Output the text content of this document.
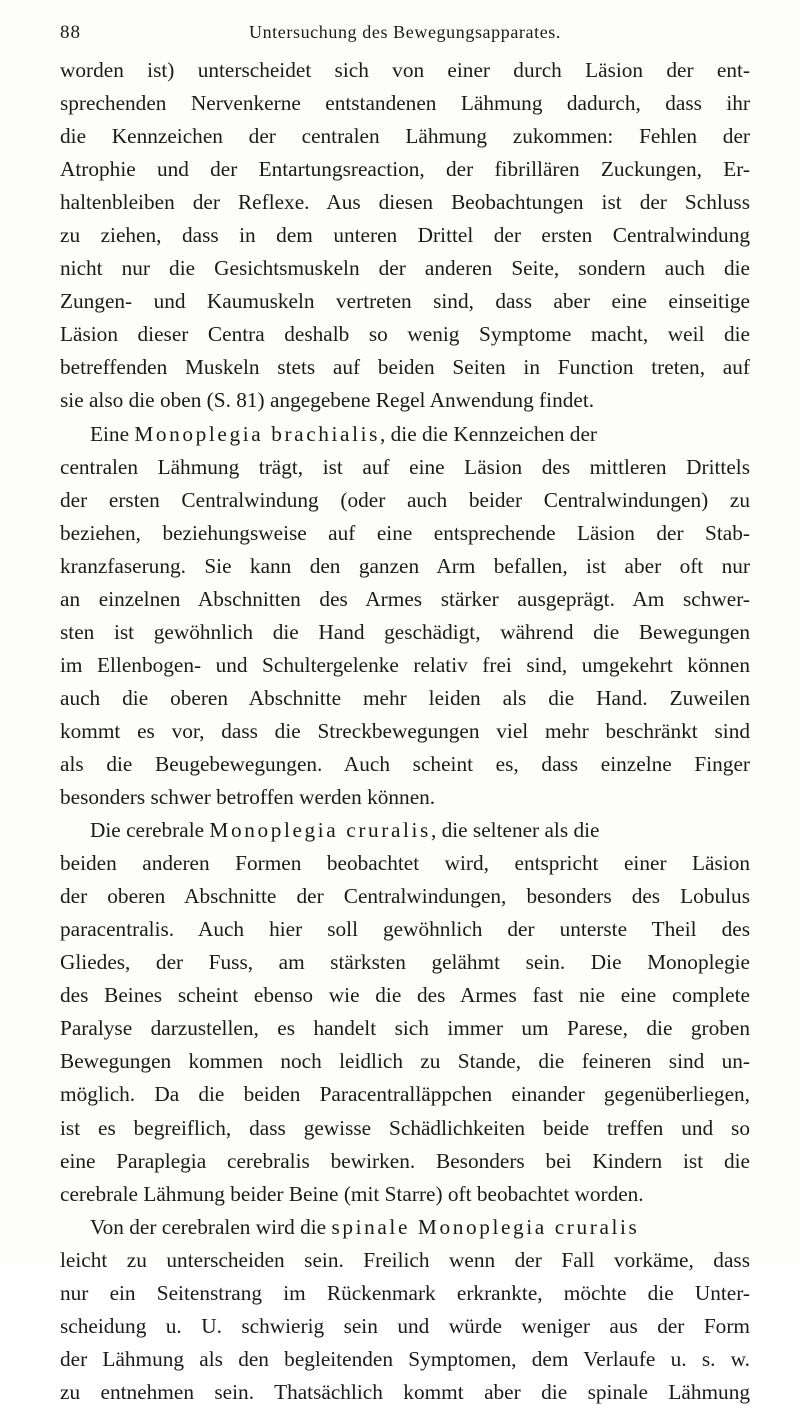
88	Untersuchung des Bewegungsapparates.
worden ist) unterscheidet sich von einer durch Läsion der ent-
sprechenden Nervenkerne entstandenen Lähmung dadurch, dass ihr
die Kennzeichen der centralen Lähmung zukommen: Fehlen der
Atrophie und der Entartungsreaction, der fibrillären Zuckungen, Er-
haltenbleiben der Reflexe. Aus diesen Beobachtungen ist der Schluss
zu ziehen, dass in dem unteren Drittel der ersten Centralwindung
nicht nur die Gesichtsmuskeln der anderen Seite, sondern auch die
Zungen- und Kaumuskeln vertreten sind, dass aber eine einseitige
Läsion dieser Centra deshalb so wenig Symptome macht, weil die
betreffenden Muskeln stets auf beiden Seiten in Function treten, auf
sie also die oben (S. 81) angegebene Regel Anwendung findet.
Eine Monoplegia brachialis, die die Kennzeichen der
centralen Lähmung trägt, ist auf eine Läsion des mittleren Drittels
der ersten Centralwindung (oder auch beider Centralwindungen) zu
beziehen, beziehungsweise auf eine entsprechende Läsion der Stab-
kranzfaserung. Sie kann den ganzen Arm befallen, ist aber oft nur
an einzelnen Abschnitten des Armes stärker ausgeprägt. Am schwer-
sten ist gewöhnlich die Hand geschädigt, während die Bewegungen
im Ellenbogen- und Schultergelenke relativ frei sind, umgekehrt können
auch die oberen Abschnitte mehr leiden als die Hand. Zuweilen
kommt es vor, dass die Streckbewegungen viel mehr beschränkt sind
als die Beugebewegungen. Auch scheint es, dass einzelne Finger
besonders schwer betroffen werden können.
Die cerebrale Monoplegia cruralis, die seltener als die
beiden anderen Formen beobachtet wird, entspricht einer Läsion
der oberen Abschnitte der Centralwindungen, besonders des Lobulus
paracentralis. Auch hier soll gewöhnlich der unterste Theil des
Gliedes, der Fuss, am stärksten gelähmt sein. Die Monoplegie
des Beines scheint ebenso wie die des Armes fast nie eine complete
Paralyse darzustellen, es handelt sich immer um Parese, die groben
Bewegungen kommen noch leidlich zu Stande, die feineren sind un-
möglich. Da die beiden Paracentralläppchen einander gegenüberliegen,
ist es begreiflich, dass gewisse Schädlichkeiten beide treffen und so
eine Paraplegia cerebralis bewirken. Besonders bei Kindern ist die
cerebrale Lähmung beider Beine (mit Starre) oft beobachtet worden.
Von der cerebralen wird die spinale Monoplegia cruralis
leicht zu unterscheiden sein. Freilich wenn der Fall vorkäme, dass
nur ein Seitenstrang im Rückenmark erkrankte, möchte die Unter-
scheidung u. U. schwierig sein und würde weniger aus der Form
der Lähmung als den begleitenden Symptomen, dem Verlaufe u. s. w.
zu entnehmen sein. Thatsächlich kommt aber die spinale Lähmung
